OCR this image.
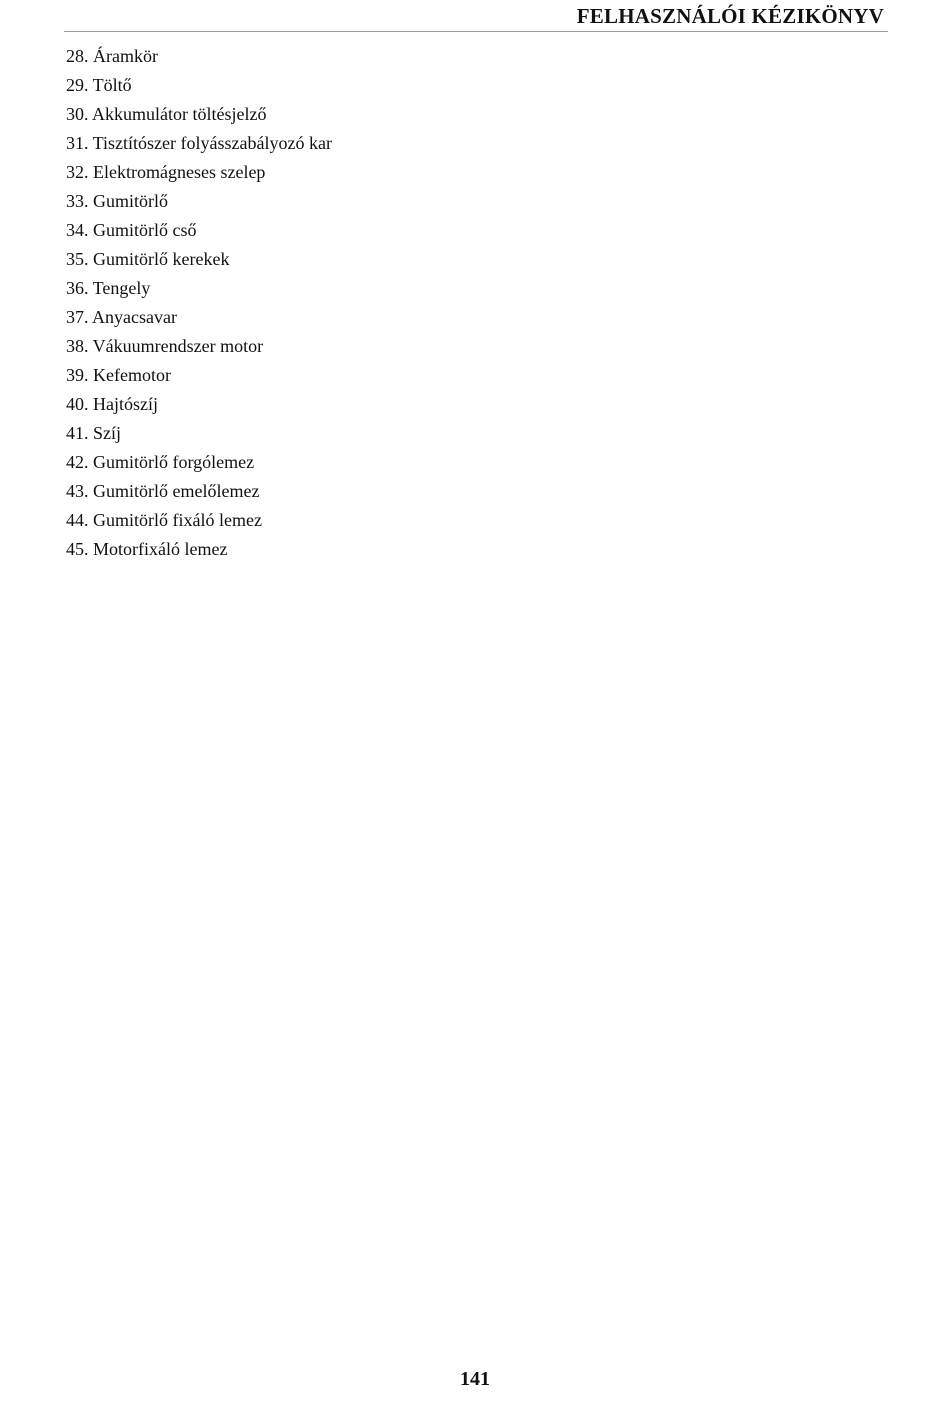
FELHASZNÁLÓI KÉZIKÖNYV
28. Áramkör
29. Töltő
30. Akkumulátor töltésjelző
31. Tisztítószer folyásszabályozó kar
32. Elektromágneses szelep
33. Gumitörlő
34. Gumitörlő cső
35. Gumitörlő kerekek
36. Tengely
37. Anyacsavar
38. Vákuumrendszer motor
39. Kefemotor
40. Hajtószíj
41. Szíj
42. Gumitörlő forgólemez
43. Gumitörlő emelőlemez
44. Gumitörlő fixáló lemez
45. Motorfixáló lemez
141
